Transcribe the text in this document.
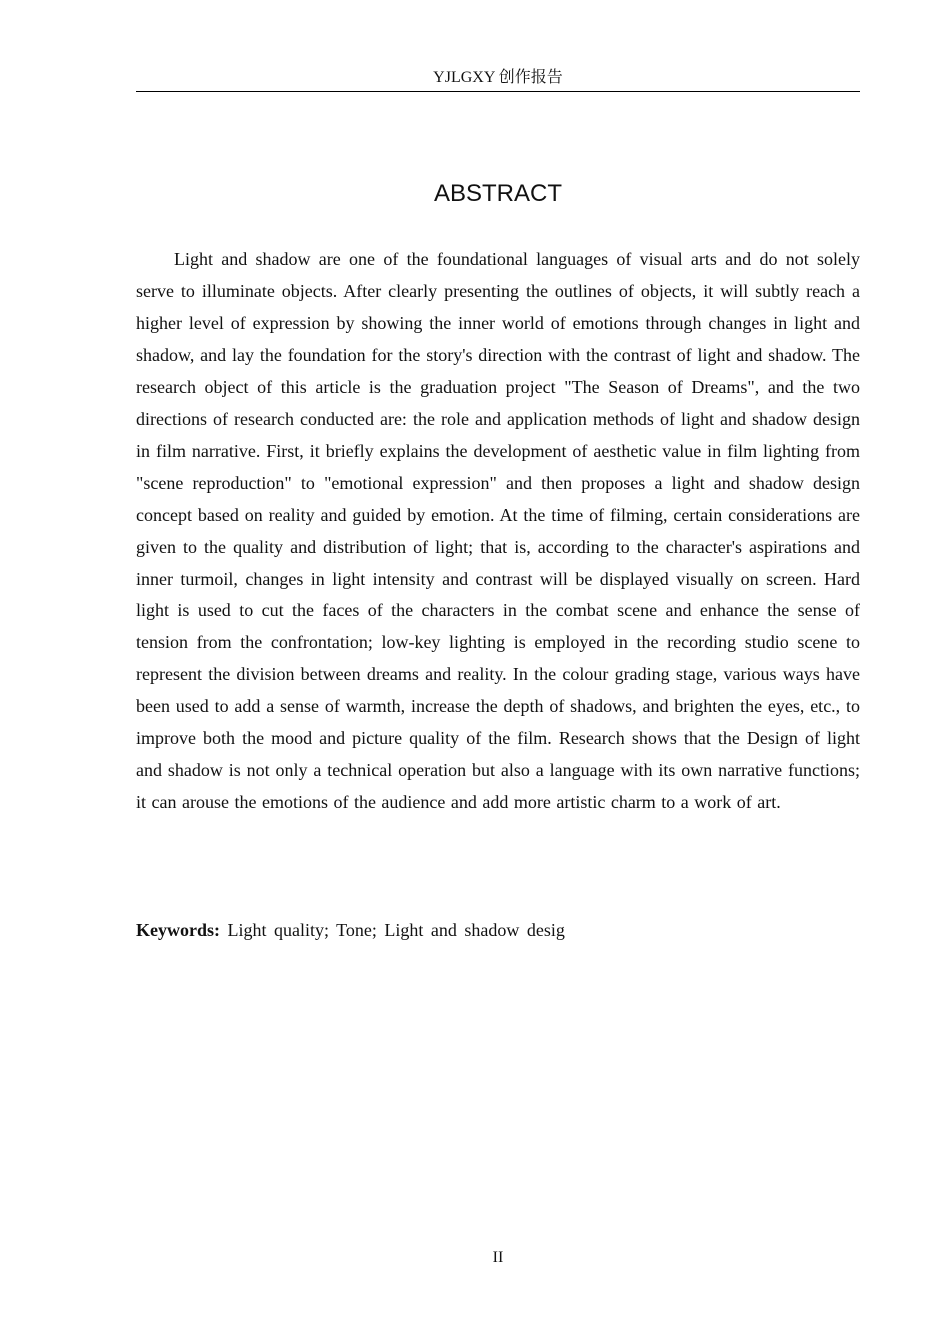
YJLGXY 创作报告
ABSTRACT

Light and shadow are one of the foundational languages of visual arts and do not solely serve to illuminate objects. After clearly presenting the outlines of objects, it will subtly reach a higher level of expression by showing the inner world of emotions through changes in light and shadow, and lay the foundation for the story's direction with the contrast of light and shadow. The research object of this article is the graduation project "The Season of Dreams", and the two directions of research conducted are: the role and application methods of light and shadow design in film narrative. First, it briefly explains the development of aesthetic value in film lighting from "scene reproduction" to "emotional expression" and then proposes a light and shadow design concept based on reality and guided by emotion. At the time of filming, certain considerations are given to the quality and distribution of light; that is, according to the character's aspirations and inner turmoil, changes in light intensity and contrast will be displayed visually on screen. Hard light is used to cut the faces of the characters in the combat scene and enhance the sense of tension from the confrontation; low-key lighting is employed in the recording studio scene to represent the division between dreams and reality. In the colour grading stage, various ways have been used to add a sense of warmth, increase the depth of shadows, and brighten the eyes, etc., to improve both the mood and picture quality of the film. Research shows that the Design of light and shadow is not only a technical operation but also a language with its own narrative functions; it can arouse the emotions of the audience and add more artistic charm to a work of art.

Keywords: Light quality; Tone; Light and shadow desig

II
